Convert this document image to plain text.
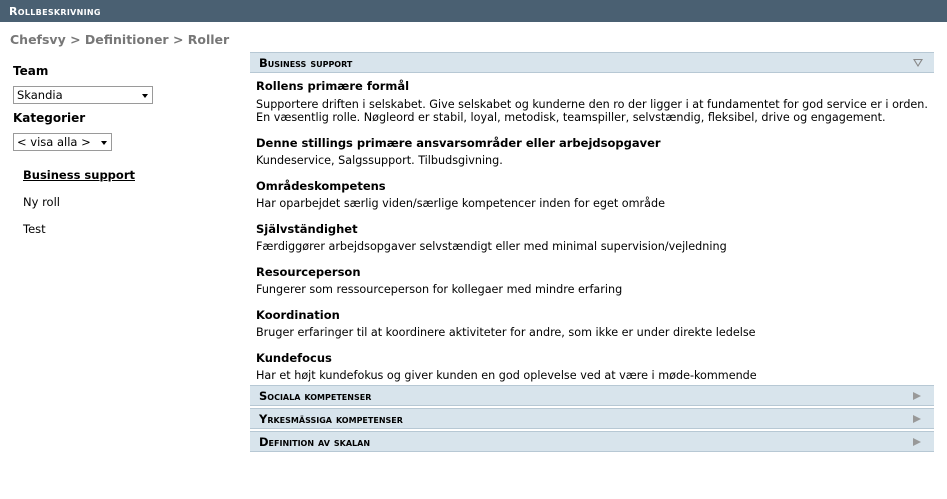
Rollbeskrivning
Chefsvy > Definitioner > Roller
Team
Skandia
Kategorier
< visa alla >
Business support
Ny roll
Test
Business support
Rollens primære formål
Supportere driften i selskabet. Give selskabet og kunderne den ro der ligger i at fundamentet for god service er i orden. En væsentlig rolle. Nøgleord er stabil, loyal, metodisk, teamspiller, selvstændig, fleksibel, drive og engagement.
Denne stillings primære ansvarsområder eller arbejdsopgaver
Kundeservice, Salgssupport. Tilbudsgivning.
Områdeskompetens
Har oparbejdet særlig viden/særlige kompetencer inden for eget område
Självständighet
Færdiggører arbejdsopgaver selvstændigt eller med minimal supervision/vejledning
Resourceperson
Fungerer som ressourceperson for kollegaer med mindre erfaring
Koordination
Bruger erfaringer til at koordinere aktiviteter for andre, som ikke er under direkte ledelse
Kundefocus
Har et højt kundefokus og giver kunden en god oplevelse ved at være i møde-kommende
Sociala kompetenser
Yrkesmässiga kompetenser
Definition av skalan
